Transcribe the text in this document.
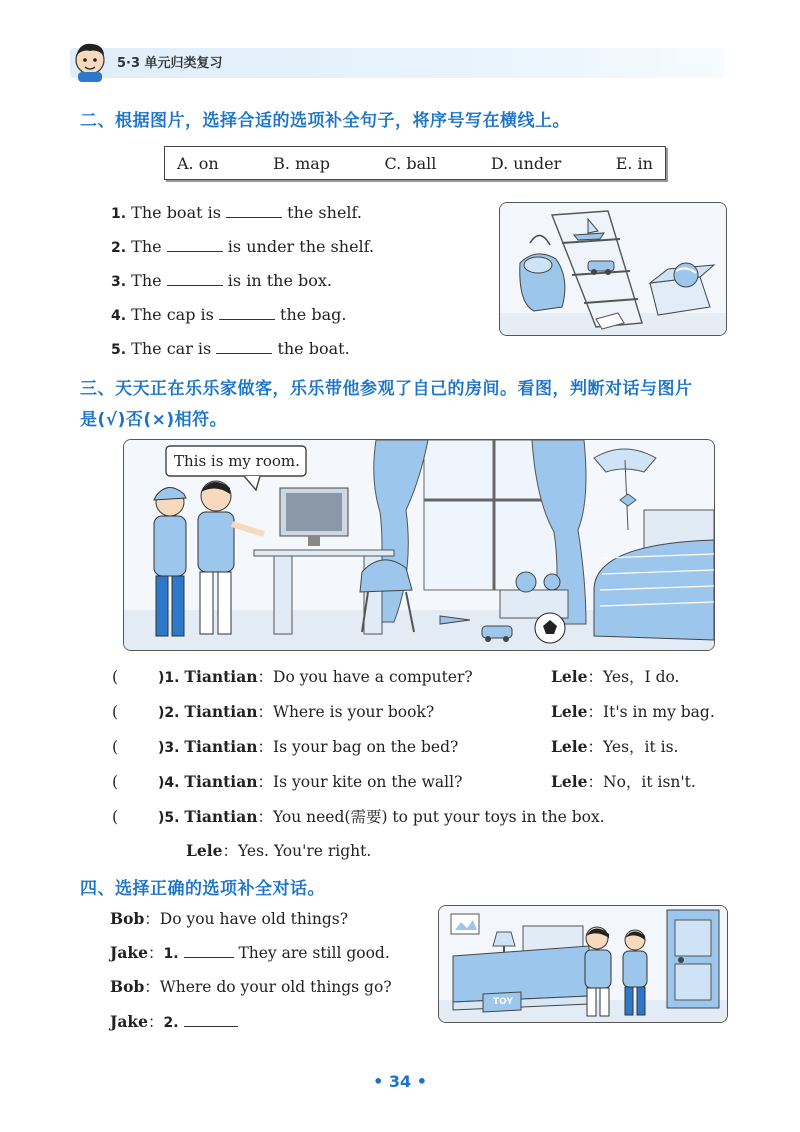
5·3 单元归类复习
二、根据图片，选择合适的选项补全句子，将序号写在横线上。
A. on	B. map	C. ball	D. under	E. in
1. The boat is	the shelf.
2. The	is under the shelf.
3. The	is in the box.
4. The cap is	the bag.
5. The car is	the boat.
三、天天正在乐乐家做客，乐乐带他参观了自己的房间。看图，判断对话与图片
是(√)否(×)相符。
This is my room.
(	)1. Tiantian：Do you have a computer?	Lele：Yes，I do.
(	)2. Tiantian：Where is your book?	Lele：It's in my bag.
(	)3. Tiantian：Is your bag on the bed?	Lele：Yes，it is.
(	)4. Tiantian：Is your kite on the wall?	Lele：No，it isn't.
(	)5. Tiantian：You need(需要) to put your toys in the box.
Lele：Yes. You're right.
四、选择正确的选项补全对话。
Bob：Do you have old things?
Jake：1.	They are still good.
Bob：Where do your old things go?
Jake：2.
TOY
• 34 •
